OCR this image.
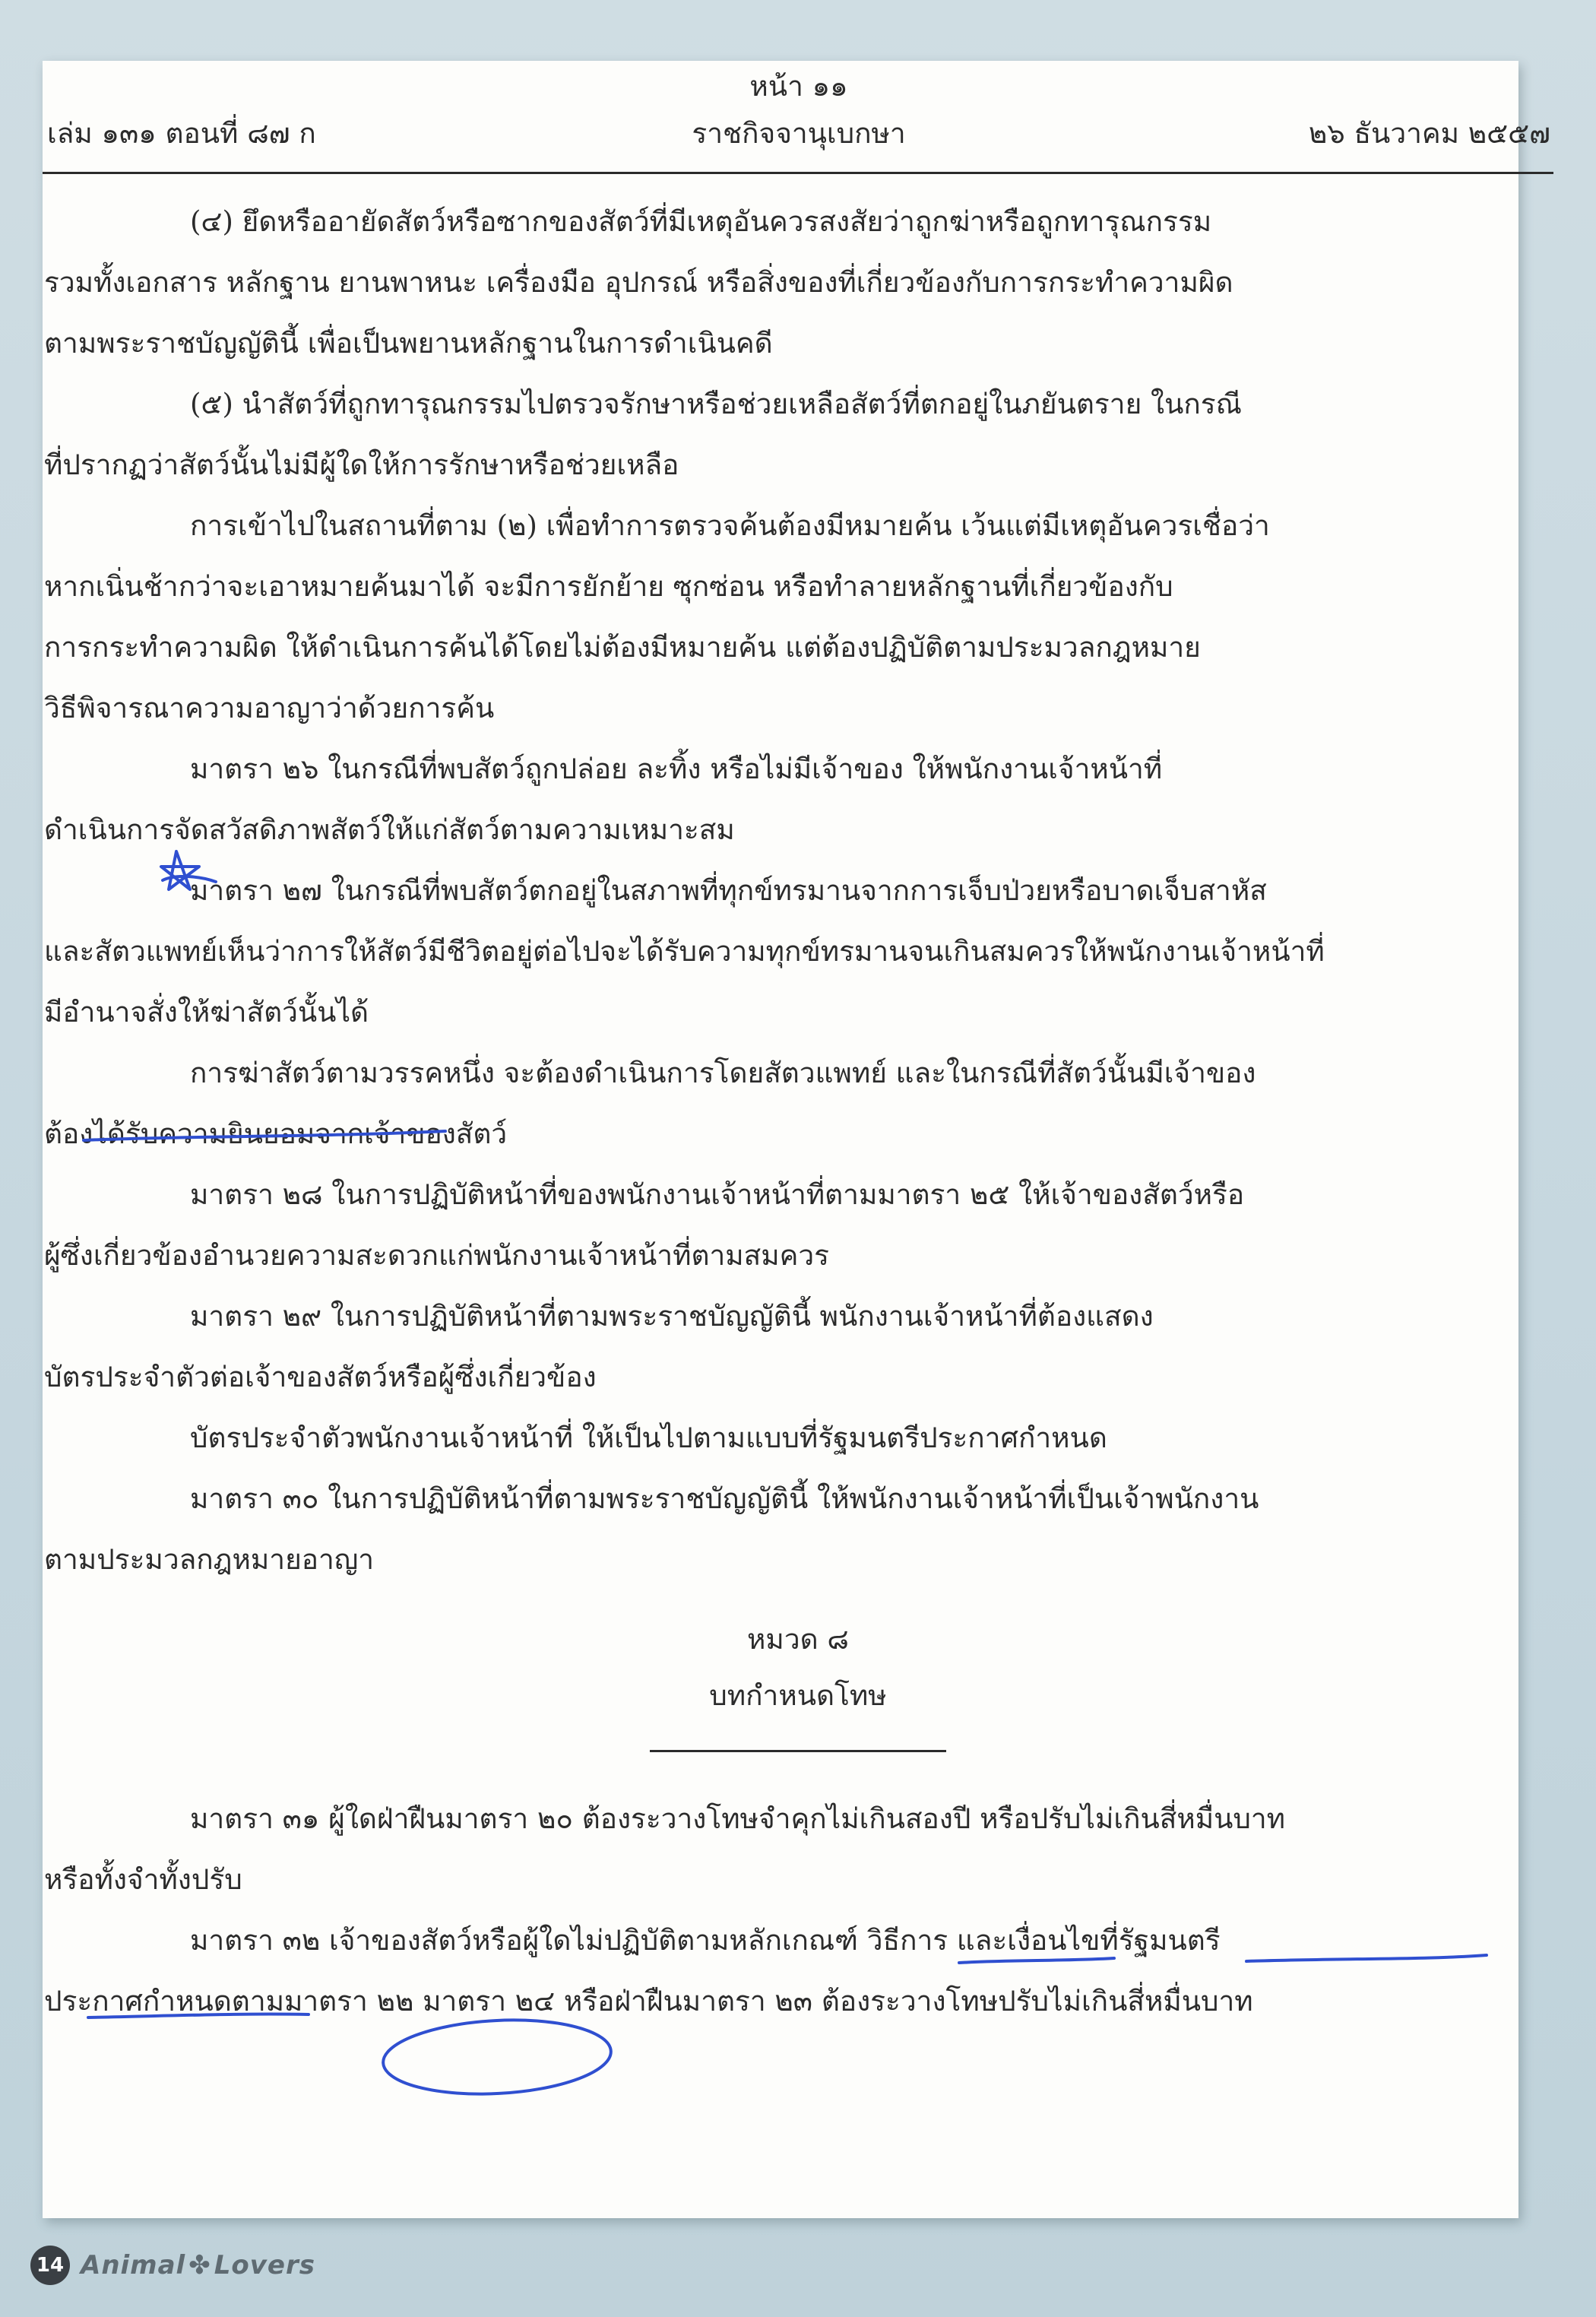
หน้า ๑๑
เล่ม ๑๓๑ ตอนที่ ๘๗ ก	ราชกิจจานุเบกษา	๒๖ ธันวาคม ๒๕๕๗
(๔) ยึดหรืออายัดสัตว์หรือซากของสัตว์ที่มีเหตุอันควรสงสัยว่าถูกฆ่าหรือถูกทารุณกรรม
รวมทั้งเอกสาร หลักฐาน ยานพาหนะ เครื่องมือ อุปกรณ์ หรือสิ่งของที่เกี่ยวข้องกับการกระทำความผิด
ตามพระราชบัญญัตินี้ เพื่อเป็นพยานหลักฐานในการดำเนินคดี
(๕) นำสัตว์ที่ถูกทารุณกรรมไปตรวจรักษาหรือช่วยเหลือสัตว์ที่ตกอยู่ในภยันตราย ในกรณี
ที่ปรากฏว่าสัตว์นั้นไม่มีผู้ใดให้การรักษาหรือช่วยเหลือ
การเข้าไปในสถานที่ตาม (๒) เพื่อทำการตรวจค้นต้องมีหมายค้น เว้นแต่มีเหตุอันควรเชื่อว่า
หากเนิ่นช้ากว่าจะเอาหมายค้นมาได้ จะมีการยักย้าย ซุกซ่อน หรือทำลายหลักฐานที่เกี่ยวข้องกับ
การกระทำความผิด ให้ดำเนินการค้นได้โดยไม่ต้องมีหมายค้น แต่ต้องปฏิบัติตามประมวลกฎหมาย
วิธีพิจารณาความอาญาว่าด้วยการค้น
มาตรา ๒๖ ในกรณีที่พบสัตว์ถูกปล่อย ละทิ้ง หรือไม่มีเจ้าของ ให้พนักงานเจ้าหน้าที่
ดำเนินการจัดสวัสดิภาพสัตว์ให้แก่สัตว์ตามความเหมาะสม
มาตรา ๒๗ ในกรณีที่พบสัตว์ตกอยู่ในสภาพที่ทุกข์ทรมานจากการเจ็บป่วยหรือบาดเจ็บสาหัส
และสัตวแพทย์เห็นว่าการให้สัตว์มีชีวิตอยู่ต่อไปจะได้รับความทุกข์ทรมานจนเกินสมควรให้พนักงานเจ้าหน้าที่
มีอำนาจสั่งให้ฆ่าสัตว์นั้นได้
การฆ่าสัตว์ตามวรรคหนึ่ง จะต้องดำเนินการโดยสัตวแพทย์ และในกรณีที่สัตว์นั้นมีเจ้าของ
ต้องได้รับความยินยอมจากเจ้าของสัตว์
มาตรา ๒๘ ในการปฏิบัติหน้าที่ของพนักงานเจ้าหน้าที่ตามมาตรา ๒๕ ให้เจ้าของสัตว์หรือ
ผู้ซึ่งเกี่ยวข้องอำนวยความสะดวกแก่พนักงานเจ้าหน้าที่ตามสมควร
มาตรา ๒๙ ในการปฏิบัติหน้าที่ตามพระราชบัญญัตินี้ พนักงานเจ้าหน้าที่ต้องแสดง
บัตรประจำตัวต่อเจ้าของสัตว์หรือผู้ซึ่งเกี่ยวข้อง
บัตรประจำตัวพนักงานเจ้าหน้าที่ ให้เป็นไปตามแบบที่รัฐมนตรีประกาศกำหนด
มาตรา ๓๐ ในการปฏิบัติหน้าที่ตามพระราชบัญญัตินี้ ให้พนักงานเจ้าหน้าที่เป็นเจ้าพนักงาน
ตามประมวลกฎหมายอาญา
หมวด ๘
บทกำหนดโทษ
มาตรา ๓๑ ผู้ใดฝ่าฝืนมาตรา ๒๐ ต้องระวางโทษจำคุกไม่เกินสองปี หรือปรับไม่เกินสี่หมื่นบาท
หรือทั้งจำทั้งปรับ
มาตรา ๓๒ เจ้าของสัตว์หรือผู้ใดไม่ปฏิบัติตามหลักเกณฑ์ วิธีการ และเงื่อนไขที่รัฐมนตรี
ประกาศกำหนดตามมาตรา ๒๒ มาตรา ๒๔ หรือฝ่าฝืนมาตรา ๒๓ ต้องระวางโทษปรับไม่เกินสี่หมื่นบาท
14 Animal ✤ Lovers
